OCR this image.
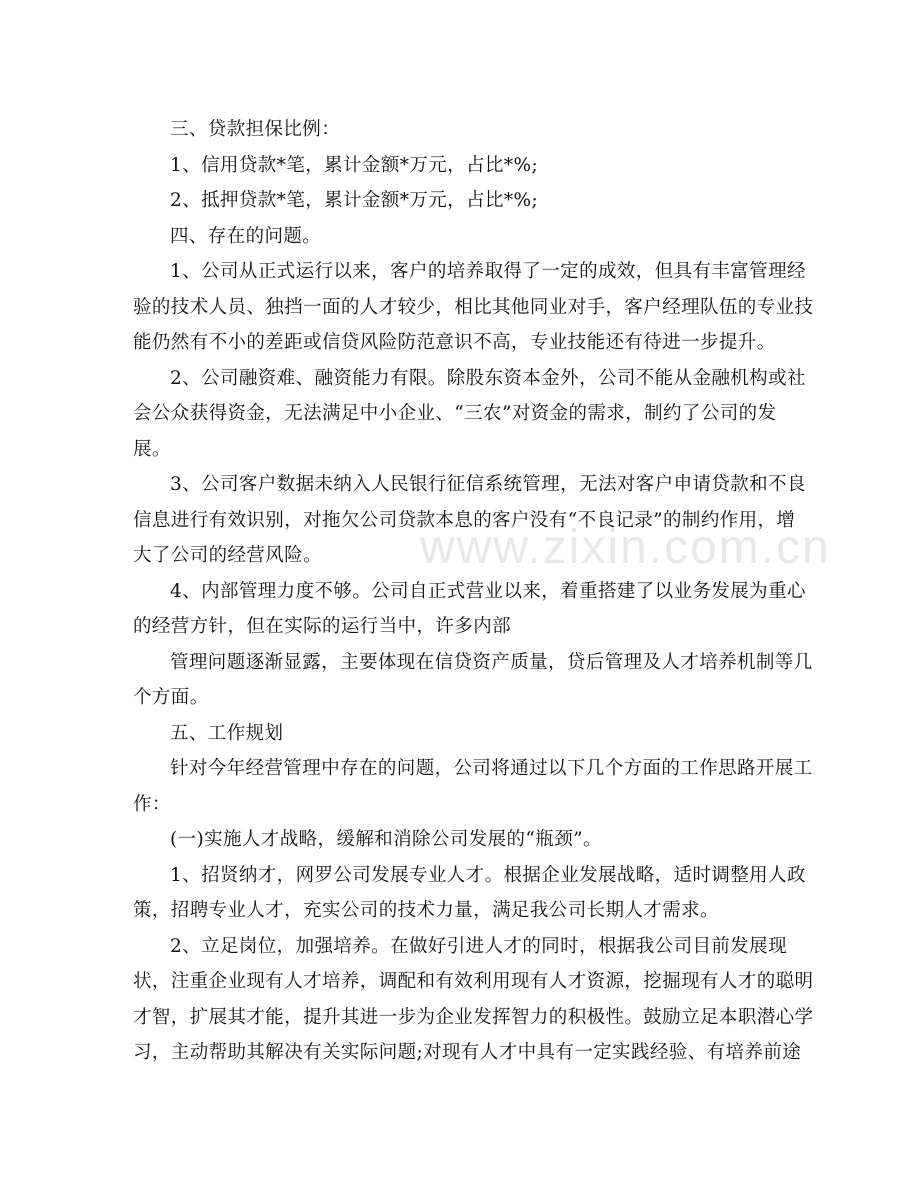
www.zixin.com.cn
三、贷款担保比例：
1、信用贷款*笔，累计金额*万元，占比*%;
2、抵押贷款*笔，累计金额*万元，占比*%;
四、存在的问题。
1、公司从正式运行以来，客户的培养取得了一定的成效，但具有丰富管理经
验的技术人员、独挡一面的人才较少，相比其他同业对手，客户经理队伍的专业技
能仍然有不小的差距或信贷风险防范意识不高，专业技能还有待进一步提升。
2、公司融资难、融资能力有限。除股东资本金外，公司不能从金融机构或社
会公众获得资金，无法满足中小企业、“三农”对资金的需求，制约了公司的发
展。
3、公司客户数据未纳入人民银行征信系统管理，无法对客户申请贷款和不良
信息进行有效识别，对拖欠公司贷款本息的客户没有“不良记录”的制约作用，增
大了公司的经营风险。
4、内部管理力度不够。公司自正式营业以来，着重搭建了以业务发展为重心
的经营方针，但在实际的运行当中，许多内部
管理问题逐渐显露，主要体现在信贷资产质量，贷后管理及人才培养机制等几
个方面。
五、工作规划
针对今年经营管理中存在的问题，公司将通过以下几个方面的工作思路开展工
作：
(一)实施人才战略，缓解和消除公司发展的“瓶颈”。
1、招贤纳才，网罗公司发展专业人才。根据企业发展战略，适时调整用人政
策，招聘专业人才，充实公司的技术力量，满足我公司长期人才需求。
2、立足岗位，加强培养。在做好引进人才的同时，根据我公司目前发展现
状，注重企业现有人才培养，调配和有效利用现有人才资源，挖掘现有人才的聪明
才智，扩展其才能，提升其进一步为企业发挥智力的积极性。鼓励立足本职潜心学
习，主动帮助其解决有关实际问题;对现有人才中具有一定实践经验、有培养前途
